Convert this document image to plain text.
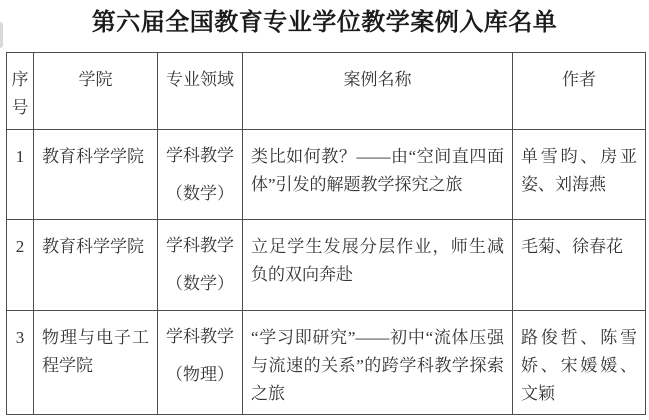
第六届全国教育专业学位教学案例入库名单
序号	学院	专业领域	案例名称	作者
1	教育科学学院	学科教学（数学）	类比如何教？——由“空间直四面体”引发的解题教学探究之旅	单雪昀、房亚姿、刘海燕
2	教育科学学院	学科教学（数学）	立足学生发展分层作业，师生减负的双向奔赴	毛菊、徐春花
3	物理与电子工程学院	学科教学（物理）	“学习即研究”——初中“流体压强与流速的关系”的跨学科教学探索之旅	路俊哲、陈雪娇、宋媛媛、文颖
